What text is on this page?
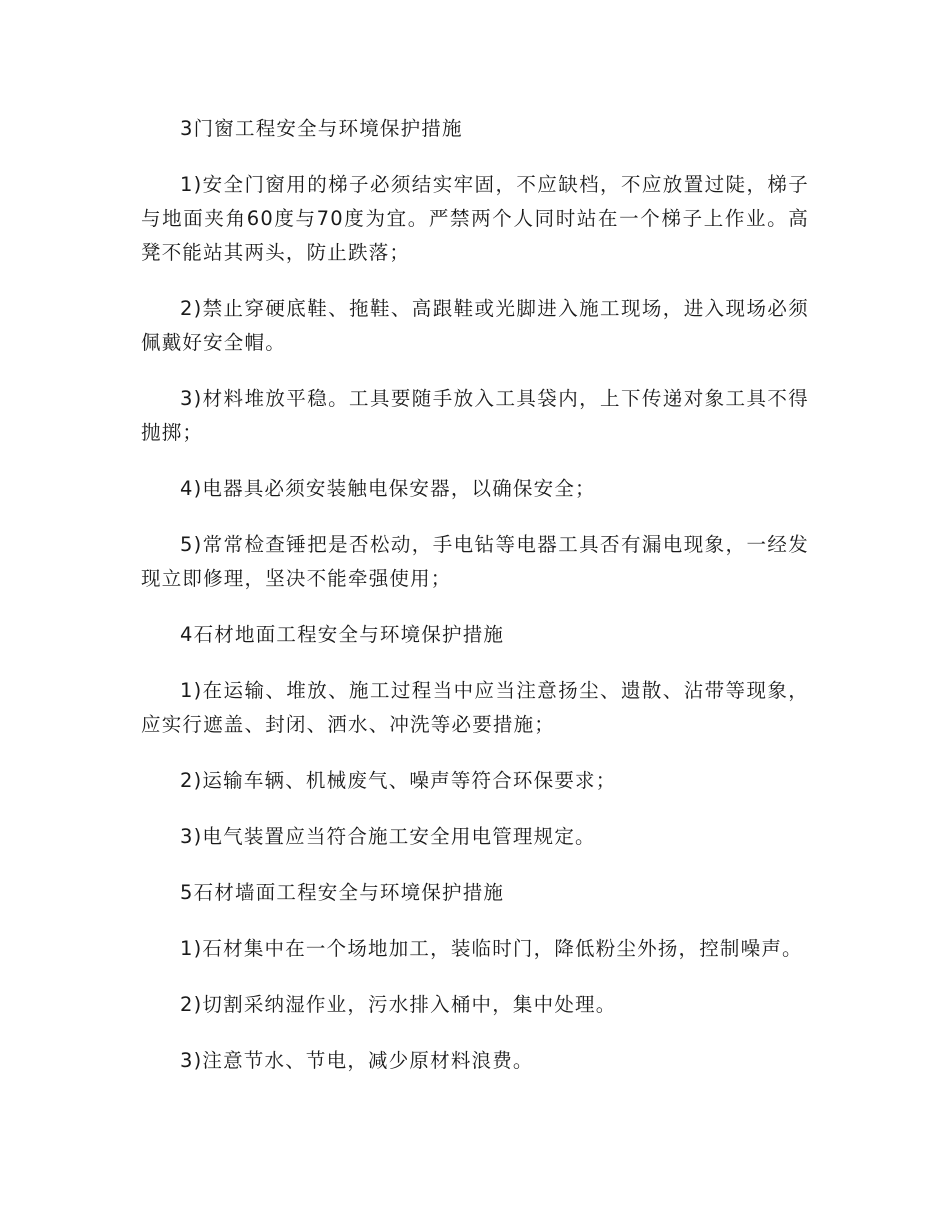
3门窗工程安全与环境保护措施

1)安全门窗用的梯子必须结实牢固，不应缺档，不应放置过陡，梯子与地面夹角60度与70度为宜。严禁两个人同时站在一个梯子上作业。高凳不能站其两头，防止跌落；

2)禁止穿硬底鞋、拖鞋、高跟鞋或光脚进入施工现场，进入现场必须佩戴好安全帽。

3)材料堆放平稳。工具要随手放入工具袋内，上下传递对象工具不得抛掷；

4)电器具必须安装触电保安器，以确保安全；

5)常常检查锤把是否松动，手电钻等电器工具否有漏电现象，一经发现立即修理，坚决不能牵强使用；

4石材地面工程安全与环境保护措施

1)在运输、堆放、施工过程当中应当注意扬尘、遗散、沾带等现象，应实行遮盖、封闭、洒水、冲洗等必要措施；

2)运输车辆、机械废气、噪声等符合环保要求；

3)电气装置应当符合施工安全用电管理规定。

5石材墙面工程安全与环境保护措施

1)石材集中在一个场地加工，装临时门，降低粉尘外扬，控制噪声。

2)切割采纳湿作业，污水排入桶中，集中处理。

3)注意节水、节电，减少原材料浪费。
